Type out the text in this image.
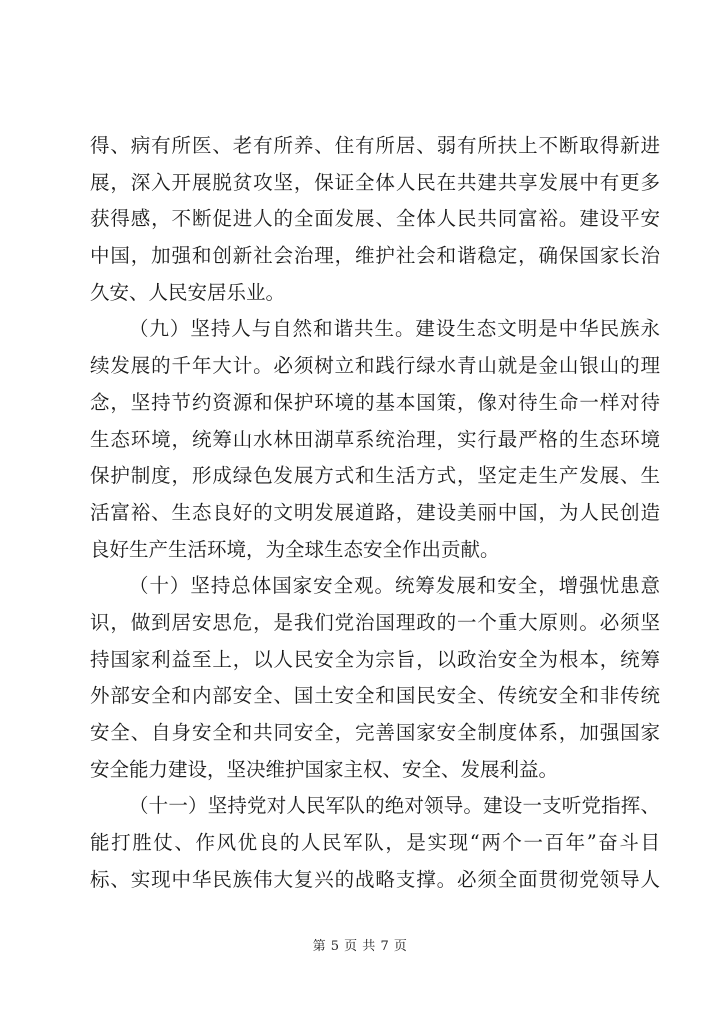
得、病有所医、老有所养、住有所居、弱有所扶上不断取得新进
展，深入开展脱贫攻坚，保证全体人民在共建共享发展中有更多
获得感，不断促进人的全面发展、全体人民共同富裕。建设平安
中国，加强和创新社会治理，维护社会和谐稳定，确保国家长治
久安、人民安居乐业。
（九）坚持人与自然和谐共生。建设生态文明是中华民族永
续发展的千年大计。必须树立和践行绿水青山就是金山银山的理
念，坚持节约资源和保护环境的基本国策，像对待生命一样对待
生态环境，统筹山水林田湖草系统治理，实行最严格的生态环境
保护制度，形成绿色发展方式和生活方式，坚定走生产发展、生
活富裕、生态良好的文明发展道路，建设美丽中国，为人民创造
良好生产生活环境，为全球生态安全作出贡献。
（十）坚持总体国家安全观。统筹发展和安全，增强忧患意
识，做到居安思危，是我们党治国理政的一个重大原则。必须坚
持国家利益至上，以人民安全为宗旨，以政治安全为根本，统筹
外部安全和内部安全、国土安全和国民安全、传统安全和非传统
安全、自身安全和共同安全，完善国家安全制度体系，加强国家
安全能力建设，坚决维护国家主权、安全、发展利益。
（十一）坚持党对人民军队的绝对领导。建设一支听党指挥、
能打胜仗、作风优良的人民军队，是实现“两个一百年”奋斗目
标、实现中华民族伟大复兴的战略支撑。必须全面贯彻党领导人
第 5 页 共 7 页
